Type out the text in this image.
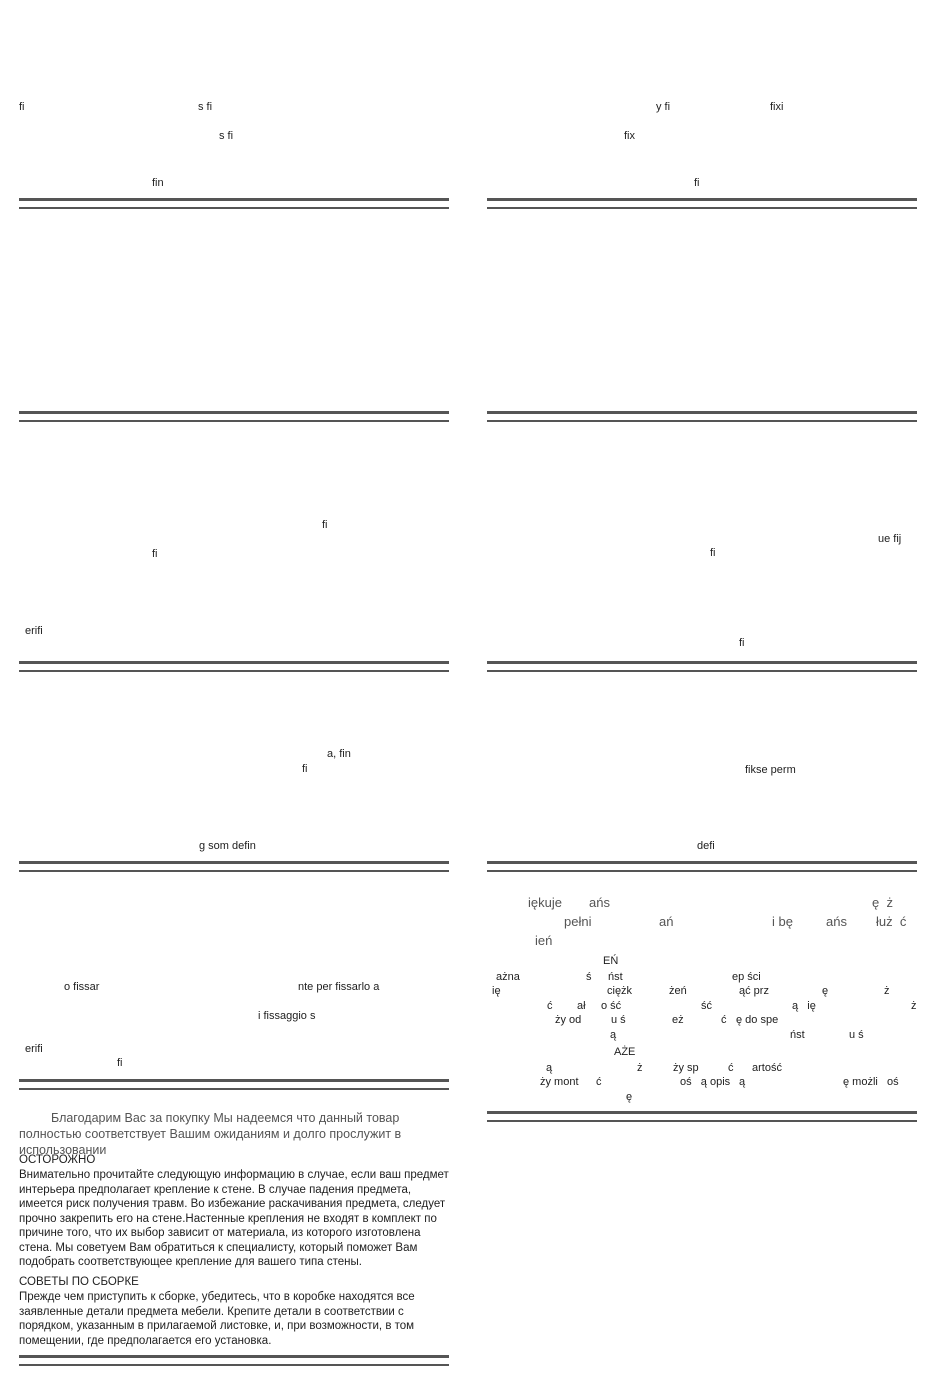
fi	s fi
s fi
fin
y fi	fixi
fix
fi
fi
fi
erifi
ue fij
fi
fi
a, fin
fi
g som defin
fikse perm
defi
o fissar	nte per fissarlo a
i fissaggio s
erifi
fi
iękuje ańs	ę  ż
pełni	ań	i bę	ańs łuż  ć
ień
EŃ
ażna	ś ńst	ep ści
ię	ciężk	żeń	ąć prz	ę	ż
ć ał o ść	ść	ą   ię	ż
ży od	u ś	eż	ć ę do spe
ą	ńst	u ś
AŻE
ą	ż	ży sp	ć artość
ży mont ć	oś   ą opis ą	ę możli   oś
ę
Благодарим Вас за покупку Мы надеемся что данный товар полностью соответствует Вашим ожиданиям и долго прослужит в использовании
ОСТОРОЖНО
Внимательно прочитайте следующую информацию в случае, если ваш предмет интерьера предполагает крепление к стене. В случае падения предмета, имеется риск получения травм. Во избежание раскачивания предмета, следует прочно закрепить его на стене.Настенные крепления не входят в комплект по причине того, что их выбор зависит от материала, из которого изготовлена стена. Мы советуем Вам обратиться к специалисту, который поможет Вам подобрать соответствующее крепление для вашего типа стены.
СОВЕТЫ ПО СБОРКЕ
Прежде чем приступить к сборке, убедитесь, что в коробке находятся все заявленные детали предмета мебели. Крепите детали в соответствии с порядком, указанным в прилагаемой листовке, и, при возможности, в том помещении, где предполагается его установка.
